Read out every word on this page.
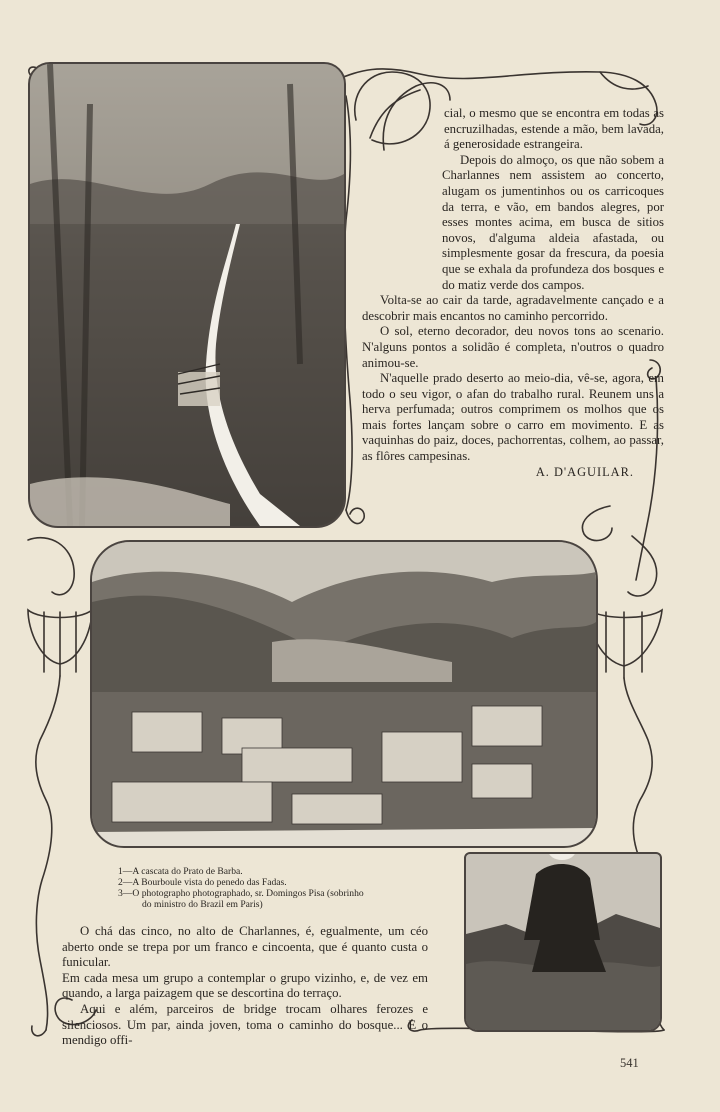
cial, o mesmo que se encontra em todas as encruzilhadas, estende a mão, bem lavada, á generosidade estrangeira.

Depois do almoço, os que não sobem a Charlannes nem assistem ao concerto, alugam os jumentinhos ou os carricoques da terra, e vão, em bandos alegres, por esses montes acima, em busca de sitios novos, d'alguma aldeia afastada, ou simplesmente gosar da frescura, da poesia que se exhala da profundeza dos bosques e do matiz verde dos campos.

Volta-se ao cair da tarde, agradavelmente cançado e a descobrir mais encantos no caminho percorrido.

O sol, eterno decorador, deu novos tons ao scenario. N'alguns pontos a solidão é completa, n'outros o quadro animou-se.

N'aquelle prado deserto ao meio-dia, vê-se, agora, em todo o seu vigor, o afan do trabalho rural. Reunem uns a herva perfumada; outros comprimem os molhos que os mais fortes lançam sobre o carro em movimento. E as vaquinhas do paiz, doces, pachorrentas, colhem, ao passar, as flôres campesinas.

A. D'AGUILAR.
1—A cascata do Prato de Barba.
2—A Bourboule vista do penedo das Fadas.
3—O photographo photographado, sr. Domingos Pisa (sobrinho
do ministro do Brazil em Paris)

O chá das cinco, no alto de Charlannes, é, egualmente, um céo aberto onde se trepa por um franco e cincoenta, que é quanto custa o funicular.

Em cada mesa um grupo a contemplar o grupo vizinho, e, de vez em quando, a larga paizagem que se descortina do terraço.

Aqui e além, parceiros de bridge trocam olhares ferozes e silenciosos. Um par, ainda joven, toma o caminho do bosque... E o mendigo offi-

541
